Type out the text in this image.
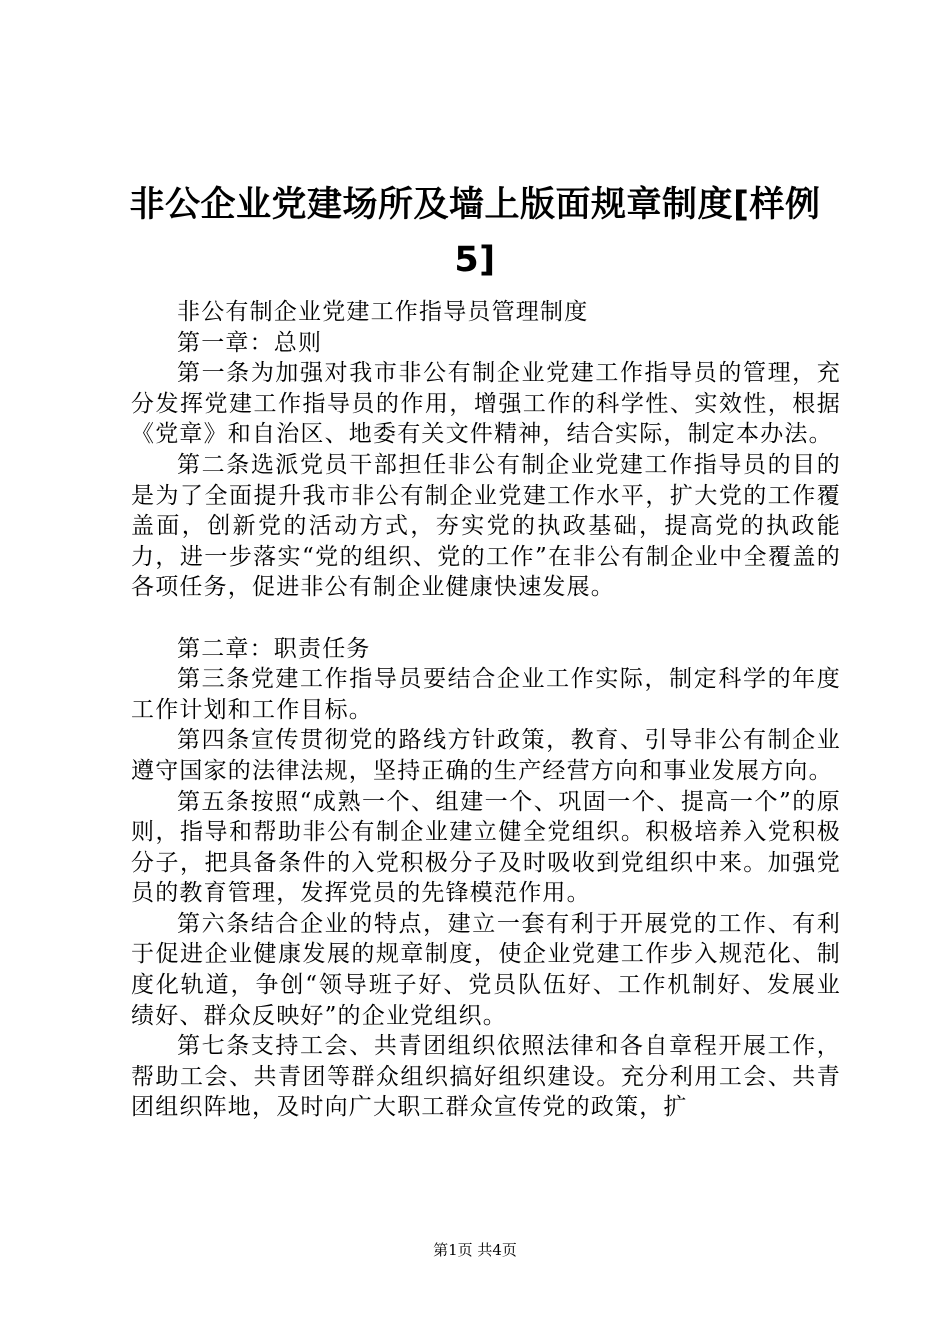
非公企业党建场所及墙上版面规章制度[样例5]

非公有制企业党建工作指导员管理制度

第一章：总则

第一条为加强对我市非公有制企业党建工作指导员的管理，充分发挥党建工作指导员的作用，增强工作的科学性、实效性，根据《党章》和自治区、地委有关文件精神，结合实际，制定本办法。

第二条选派党员干部担任非公有制企业党建工作指导员的目的是为了全面提升我市非公有制企业党建工作水平，扩大党的工作覆盖面，创新党的活动方式，夯实党的执政基础，提高党的执政能力，进一步落实“党的组织、党的工作”在非公有制企业中全覆盖的各项任务，促进非公有制企业健康快速发展。

第二章：职责任务

第三条党建工作指导员要结合企业工作实际，制定科学的年度工作计划和工作目标。

第四条宣传贯彻党的路线方针政策，教育、引导非公有制企业遵守国家的法律法规，坚持正确的生产经营方向和事业发展方向。

第五条按照“成熟一个、组建一个、巩固一个、提高一个”的原则，指导和帮助非公有制企业建立健全党组织。积极培养入党积极分子，把具备条件的入党积极分子及时吸收到党组织中来。加强党员的教育管理，发挥党员的先锋模范作用。

第六条结合企业的特点，建立一套有利于开展党的工作、有利于促进企业健康发展的规章制度，使企业党建工作步入规范化、制度化轨道，争创“领导班子好、党员队伍好、工作机制好、发展业绩好、群众反映好”的企业党组织。

第七条支持工会、共青团组织依照法律和各自章程开展工作，帮助工会、共青团等群众组织搞好组织建设。充分利用工会、共青团组织阵地，及时向广大职工群众宣传党的政策，扩

第1页 共4页
